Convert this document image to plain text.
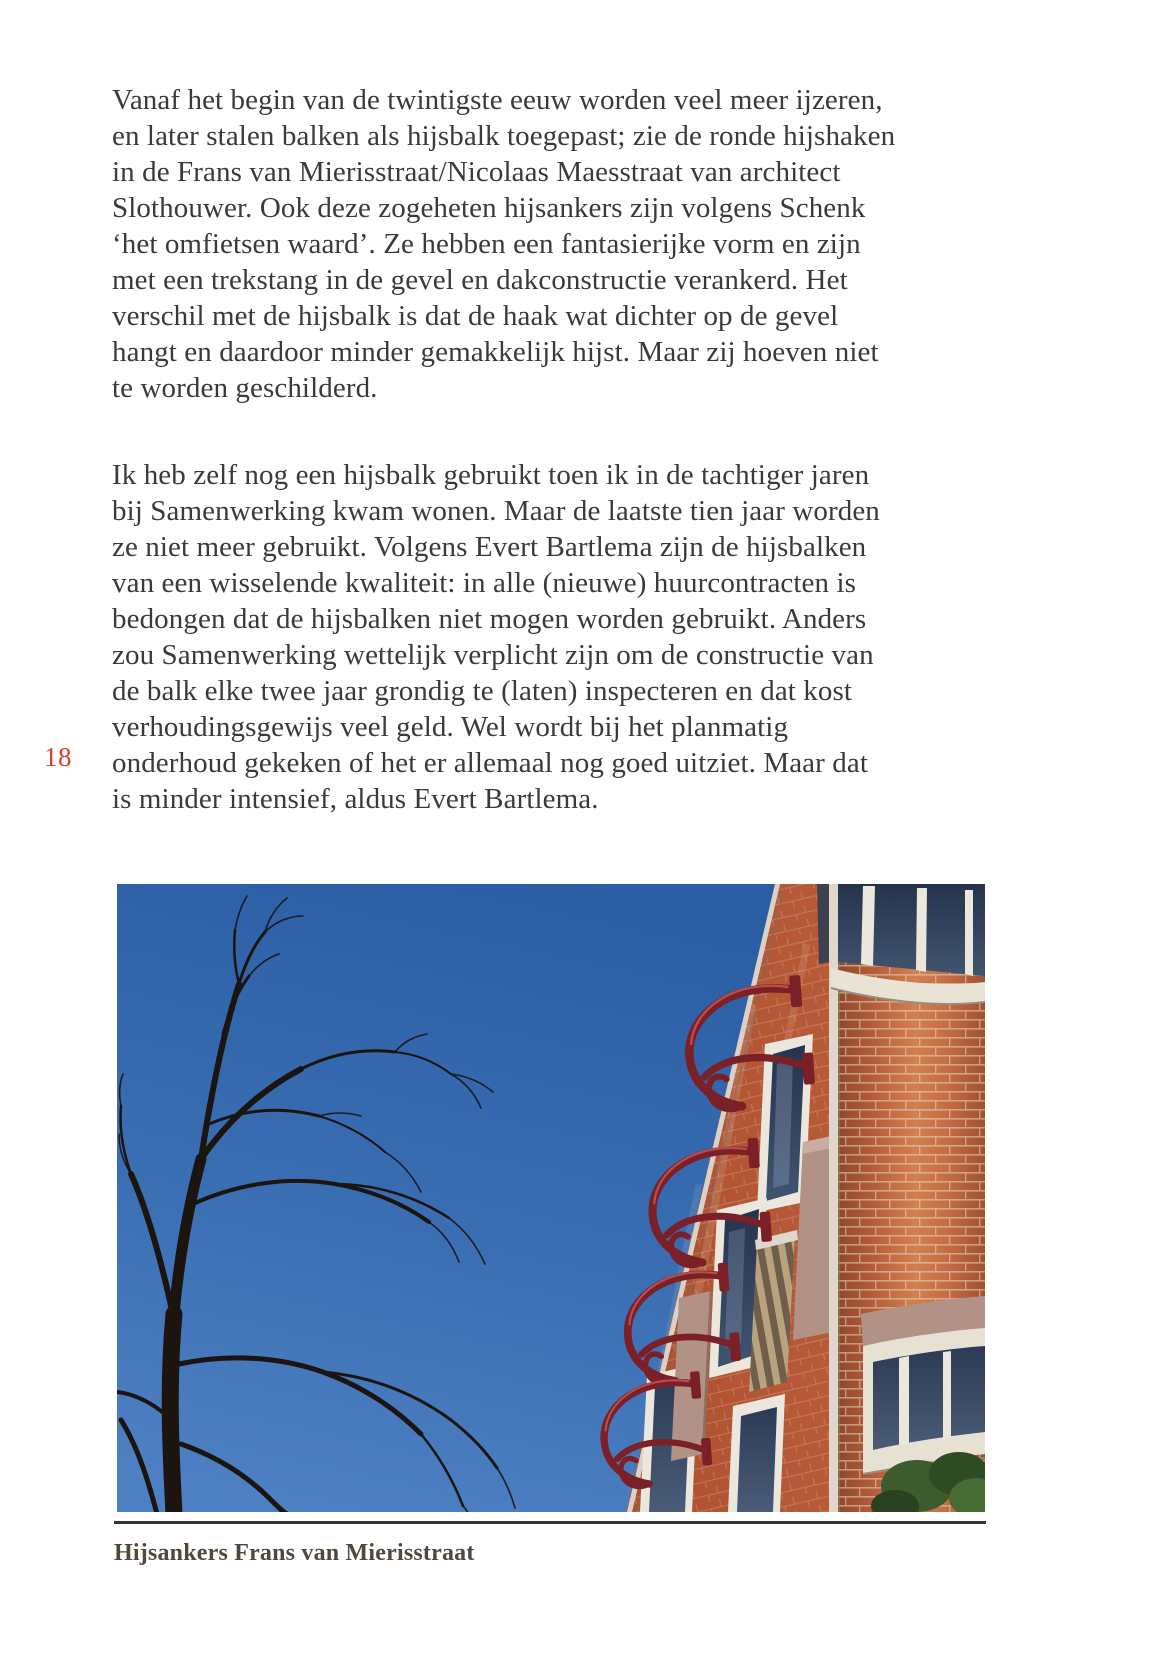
Vanaf het begin van de twintigste eeuw worden veel meer ijzeren,
en later stalen balken als hijsbalk toegepast; zie de ronde hijshaken
in de Frans van Mierisstraat/Nicolaas Maesstraat van architect
Slothouwer. Ook deze zogeheten hijsankers zijn volgens Schenk
‘het omfietsen waard’. Ze hebben een fantasierijke vorm en zijn
met een trekstang in de gevel en dakconstructie verankerd. Het
verschil met de hijsbalk is dat de haak wat dichter op de gevel
hangt en daardoor minder gemakkelijk hijst. Maar zij hoeven niet
te worden geschilderd.

Ik heb zelf nog een hijsbalk gebruikt toen ik in de tachtiger jaren
bij Samenwerking kwam wonen. Maar de laatste tien jaar worden
ze niet meer gebruikt. Volgens Evert Bartlema zijn de hijsbalken
van een wisselende kwaliteit: in alle (nieuwe) huurcontracten is
bedongen dat de hijsbalken niet mogen worden gebruikt. Anders
zou Samenwerking wettelijk verplicht zijn om de constructie van
de balk elke twee jaar grondig te (laten) inspecteren en dat kost
verhoudingsgewijs veel geld. Wel wordt bij het planmatig
onderhoud gekeken of het er allemaal nog goed uitziet. Maar dat
is minder intensief, aldus Evert Bartlema.

18
Hijsankers Frans van Mierisstraat
